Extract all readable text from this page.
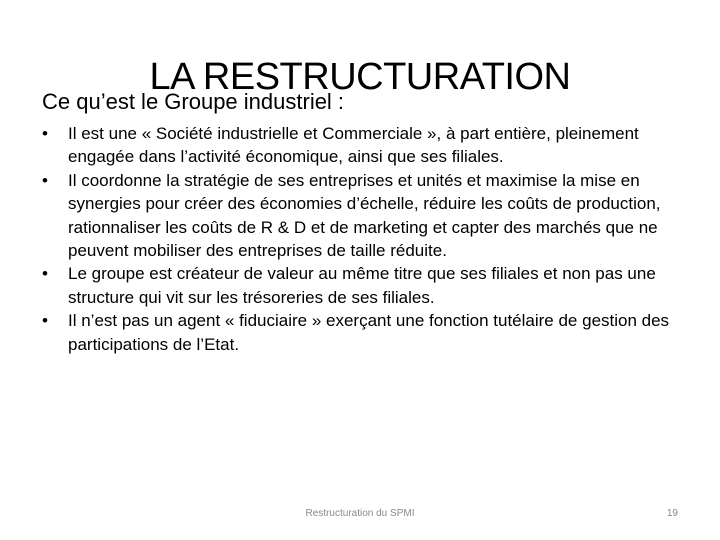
LA RESTRUCTURATION
Ce qu’est le Groupe industriel :
•	Il est une « Société industrielle et Commerciale », à part entière, pleinement engagée dans l’activité économique, ainsi que ses filiales.
•	Il coordonne la stratégie de ses entreprises et unités et maximise la mise en synergies pour créer des économies d’échelle, réduire les coûts de production, rationnaliser les coûts de R & D et de marketing et capter des marchés que ne peuvent mobiliser des entreprises de taille réduite.
•	Le groupe est créateur de valeur au même titre que ses filiales et non pas une structure qui vit sur les trésoreries de ses filiales.
•	Il n’est pas un agent « fiduciaire » exerçant une fonction tutélaire de gestion des participations de l’Etat.
Restructuration du SPMI	19
